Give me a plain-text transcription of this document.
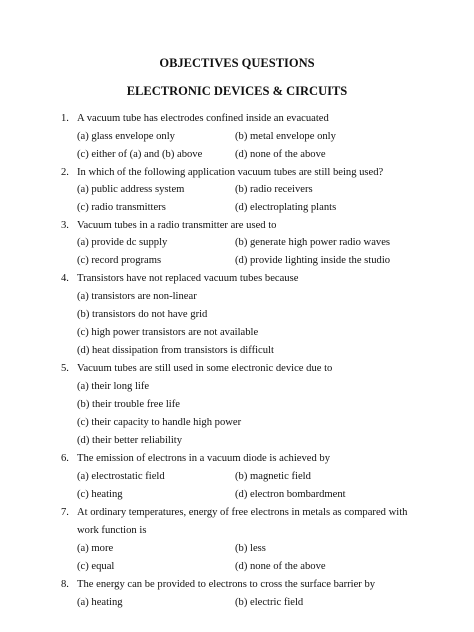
OBJECTIVES QUESTIONS
ELECTRONIC DEVICES & CIRCUITS
1. A vacuum tube has electrodes confined inside an evacuated
(a) glass envelope only	(b) metal envelope only
(c) either of (a) and (b) above	(d) none of the above
2. In which of the following application vacuum tubes are still being used?
(a) public address system	(b) radio receivers
(c) radio transmitters	(d) electroplating plants
3. Vacuum tubes in a radio transmitter are used to
(a) provide dc supply	(b) generate high power radio waves
(c) record programs	(d) provide lighting inside the studio
4. Transistors have not replaced vacuum tubes because
(a) transistors are non-linear
(b) transistors do not have grid
(c) high power transistors are not available
(d) heat dissipation from transistors is difficult
5. Vacuum tubes are still used in some electronic device due to
(a) their long life
(b) their trouble free life
(c) their capacity to handle high power
(d) their better reliability
6. The emission of electrons in a vacuum diode is achieved by
(a) electrostatic field	(b) magnetic field
(c) heating	(d) electron bombardment
7. At ordinary temperatures, energy of free electrons in metals as compared with
work function is
(a) more	(b) less
(c) equal	(d) none of the above
8. The energy can be provided to electrons to cross the surface barrier by
(a) heating	(b) electric field
